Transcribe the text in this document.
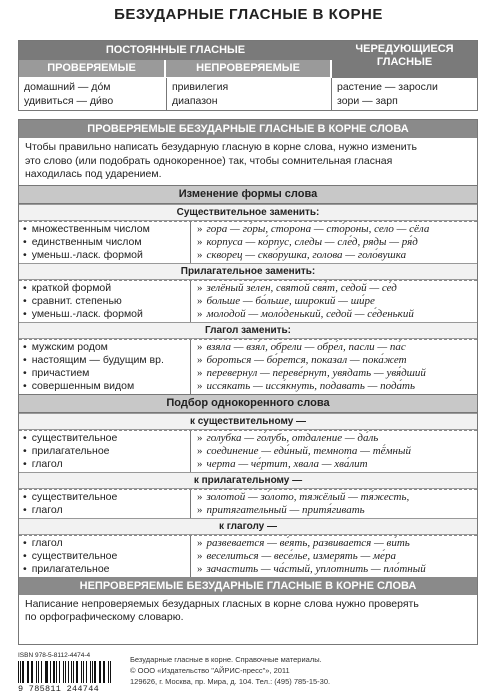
БЕЗУДАРНЫЕ ГЛАСНЫЕ В КОРНЕ
ПОСТОЯННЫЕ ГЛАСНЫЕ
ПРОВЕРЯЕМЫЕ	НЕПРОВЕРЯЕМЫЕ
ЧЕРЕДУЮЩИЕСЯ
ГЛАСНЫЕ
домашний — до́м
удивиться — ди́во
привилегия
диапазон
растение — заросли
зори — зарп
ПРОВЕРЯЕМЫЕ БЕЗУДАРНЫЕ ГЛАСНЫЕ В КОРНЕ СЛОВА
Чтобы правильно написать безударную гласную в корне слова, нужно изменить
это слово (или подобрать однокоренное) так, чтобы сомнительная гласная
находилась под ударением.
Изменение формы слова
Существительное заменить:
• множественным числом
• единственным числом
• уменьш.-ласк. формой
» гора — го́ры, сторона — сто́роны, село — сёла
» корпуса — ко́рпус, следы — сле́д, ряды — ря́д
» скворец — скво́рушка, голова — голо́вушка
Прилагательное заменить:
• краткой формой
• сравнит. степенью
• уменьш.-ласк. формой
» зелёный зе́лен, святой свя́т, седой — се́д
» больше — бо́льше, широкий — ши́ре
» молодой — моло́денький, седой — се́денький
Глагол заменить:
• мужским родом
• настоящим — будущим вр.
• причастием
• совершенным видом
» взяла — взя́л, обрели — обре́л, пасли — па́с
» бороться — бо́рется, показал — пока́жет
» перевернул — переве́рнут, увядать — увя́дший
» иссякать — исся́кнуть, подавать — пода́ть
Подбор однокоренного слова
к существительному —
• существительное
• прилагательное
• глагол
» голубка — го́лубь, отдаление — да́ль
» соединение — еди́ный, темнота — тё́мный
» черта — че́ртит, хвала — хва́лит
к прилагательному —
• существительное
• глагол
» золотой — зо́лото, тяжёлый — тя́жесть,
» притягательный — притя́гивать
к глаголу —
• глагол
• существительное
• прилагательное
» развевается — ве́ять, развивается — ви́ть
» веселиться — весе́лье, измерять — ме́ра
» зачастить — ча́стый, уплотнить — пло́тный
НЕПРОВЕРЯЕМЫЕ БЕЗУДАРНЫЕ ГЛАСНЫЕ В КОРНЕ СЛОВА
Написание непроверяемых безударных гласных в корне слова нужно проверять
по орфографическому словарю.
ISBN 978-5-8112-4474-4
9 785811 244744
Безударные гласные в корне. Справочные материалы.
© ООО «Издательство "АЙРИС-пресс"», 2011
129626, г. Москва, пр. Мира, д. 104. Тел.: (495) 785-15-30.
